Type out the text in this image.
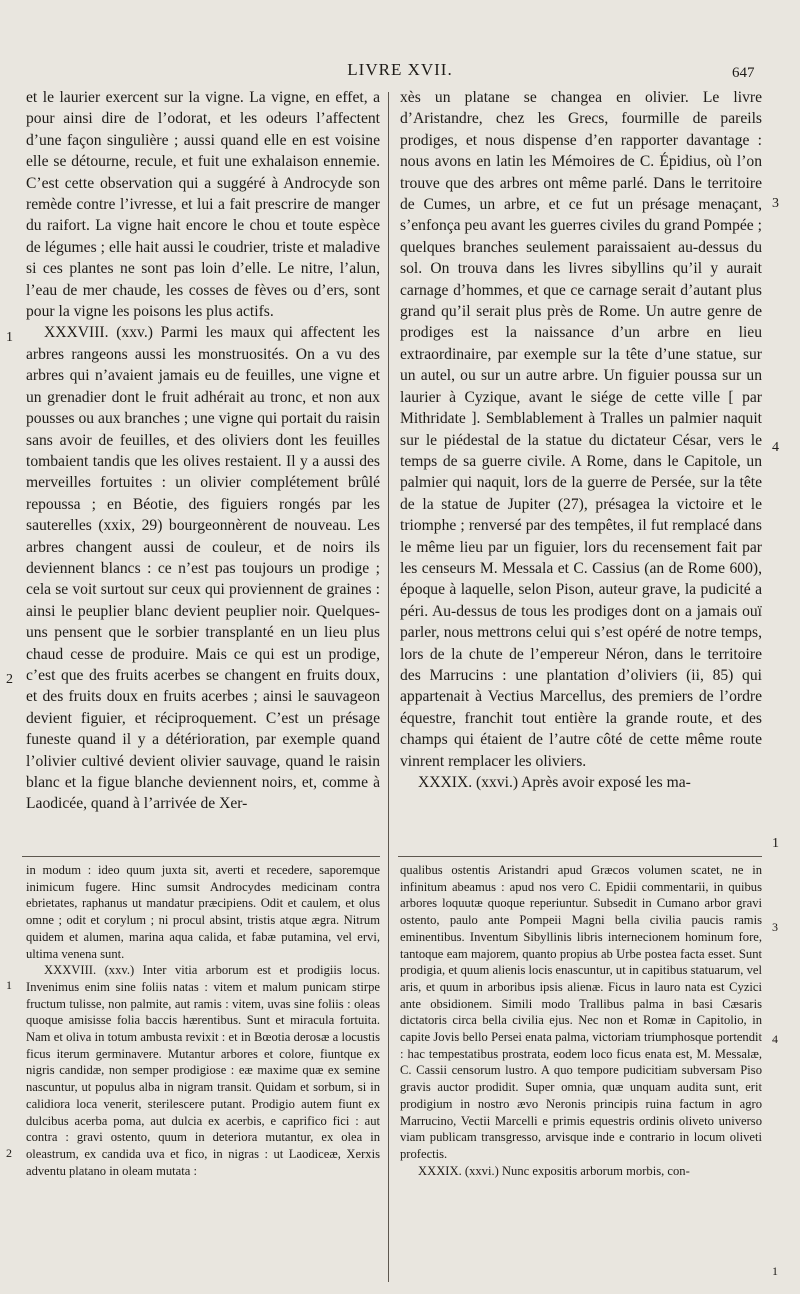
LIVRE XVII.	647

et le laurier exercent sur la vigne. La vigne, en effet, a pour ainsi dire de l’odorat, et les odeurs l’affectent d’une façon singulière ; aussi quand elle en est voisine elle se détourne, recule, et fuit une exhalaison ennemie. C’est cette observation qui a suggéré à Androcyde son remède contre l’ivresse, et lui a fait prescrire de manger du raifort. La vigne hait encore le chou et toute espèce de légumes ; elle hait aussi le coudrier, triste et maladive si ces plantes ne sont pas loin d’elle. Le nitre, l’alun, l’eau de mer chaude, les cosses de fèves ou d’ers, sont pour la vigne les poisons les plus actifs.

XXXVIII. (xxv.) Parmi les maux qui affectent les arbres rangeons aussi les monstruosités. On a vu des arbres qui n’avaient jamais eu de feuilles, une vigne et un grenadier dont le fruit adhérait au tronc, et non aux pousses ou aux branches ; une vigne qui portait du raisin sans avoir de feuilles, et des oliviers dont les feuilles tombaient tandis que les olives restaient. Il y a aussi des merveilles fortuites : un olivier complétement brûlé repoussa ; en Béotie, des figuiers rongés par les sauterelles (xxix, 29) bourgeonnèrent de nouveau. Les arbres changent aussi de couleur, et de noirs ils deviennent blancs : ce n’est pas toujours un prodige ; cela se voit surtout sur ceux qui proviennent de graines : ainsi le peuplier blanc devient peuplier noir. Quelques-uns pensent que le sorbier transplanté en un lieu plus chaud cesse de produire. Mais ce qui est un prodige, c’est que des fruits acerbes se changent en fruits doux, et des fruits doux en fruits acerbes ; ainsi le sauvageon devient figuier, et réciproquement. C’est un présage funeste quand il y a détérioration, par exemple quand l’olivier cultivé devient olivier sauvage, quand le raisin blanc et la figue blanche deviennent noirs, et, comme à Laodicée, quand à l’arrivée de Xer-

xès un platane se changea en olivier. Le livre d’Aristandre, chez les Grecs, fourmille de pareils prodiges, et nous dispense d’en rapporter davantage : nous avons en latin les Mémoires de C. Épidius, où l’on trouve que des arbres ont même parlé. Dans le territoire de Cumes, un arbre, et ce fut un présage menaçant, s’enfonça peu avant les guerres civiles du grand Pompée ; quelques branches seulement paraissaient au-dessus du sol. On trouva dans les livres sibyllins qu’il y aurait carnage d’hommes, et que ce carnage serait d’autant plus grand qu’il serait plus près de Rome. Un autre genre de prodiges est la naissance d’un arbre en lieu extraordinaire, par exemple sur la tête d’une statue, sur un autel, ou sur un autre arbre. Un figuier poussa sur un laurier à Cyzique, avant le siége de cette ville [ par Mithridate ]. Semblablement à Tralles un palmier naquit sur le piédestal de la statue du dictateur César, vers le temps de sa guerre civile. A Rome, dans le Capitole, un palmier qui naquit, lors de la guerre de Persée, sur la tête de la statue de Jupiter (27), présagea la victoire et le triomphe ; renversé par des tempêtes, il fut remplacé dans le même lieu par un figuier, lors du recensement fait par les censeurs M. Messala et C. Cassius (an de Rome 600), époque à laquelle, selon Pison, auteur grave, la pudicité a péri. Au-dessus de tous les prodiges dont on a jamais ouï parler, nous mettrons celui qui s’est opéré de notre temps, lors de la chute de l’empereur Néron, dans le territoire des Marrucins : une plantation d’oliviers (ii, 85) qui appartenait à Vectius Marcellus, des premiers de l’ordre équestre, franchit tout entière la grande route, et des champs qui étaient de l’autre côté de cette même route vinrent remplacer les oliviers.

XXXIX. (xxvi.) Après avoir exposé les ma-

in modum : ideo quum juxta sit, averti et recedere, saporemque inimicum fugere. Hinc sumsit Androcydes medicinam contra ebrietates, raphanus ut mandatur præcipiens. Odit et caulem, et olus omne ; odit et corylum ; ni procul absint, tristis atque ægra. Nitrum quidem et alumen, marina aqua calida, et fabæ putamina, vel ervi, ultima venena sunt.

XXXVIII. (xxv.) Inter vitia arborum est et prodigiis locus. Invenimus enim sine foliis natas : vitem et malum punicam stirpe fructum tulisse, non palmite, aut ramis : vitem, uvas sine foliis : oleas quoque amisisse folia baccis hærentibus. Sunt et miracula fortuita. Nam et oliva in totum ambusta revixit : et in Bœotia derosæ a locustis ficus iterum germinavere. Mutantur arbores et colore, fiuntque ex nigris candidæ, non semper prodigiose : eæ maxime quæ ex semine nascuntur, ut populus alba in nigram transit. Quidam et sorbum, si in calidiora loca venerit, sterilescere putant. Prodigio autem fiunt ex dulcibus acerba poma, aut dulcia ex acerbis, e caprifico fici : aut contra : gravi ostento, quum in deteriora mutantur, ex olea in oleastrum, ex candida uva et fico, in nigras : ut Laodiceæ, Xerxis adventu platano in oleam mutata :

qualibus ostentis Aristandri apud Græcos volumen scatet, ne in infinitum abeamus : apud nos vero C. Epidii commentarii, in quibus arbores loquutæ quoque reperiuntur. Subsedit in Cumano arbor gravi ostento, paulo ante Pompeii Magni bella civilia paucis ramis eminentibus. Inventum Sibyllinis libris internecionem hominum fore, tantoque eam majorem, quanto propius ab Urbe postea facta esset. Sunt prodigia, et quum alienis locis enascuntur, ut in capitibus statuarum, vel aris, et quum in arboribus ipsis alienæ. Ficus in lauro nata est Cyzici ante obsidionem. Simili modo Trallibus palma in basi Cæsaris dictatoris circa bella civilia ejus. Nec non et Romæ in Capitolio, in capite Jovis bello Persei enata palma, victoriam triumphosque portendit : hac tempestatibus prostrata, eodem loco ficus enata est, M. Messalæ, C. Cassii censorum lustro. A quo tempore pudicitiam subversam Piso gravis auctor prodidit. Super omnia, quæ unquam audita sunt, erit prodigium in nostro ævo Neronis principis ruina factum in agro Marrucino, Vectii Marcelli e primis equestris ordinis oliveto universo viam publicam transgresso, arvisque inde e contrario in locum oliveti profectis.

XXXIX. (xxvi.) Nunc expositis arborum morbis, con-

1
2
3
4
1
1
2
3
4
1
